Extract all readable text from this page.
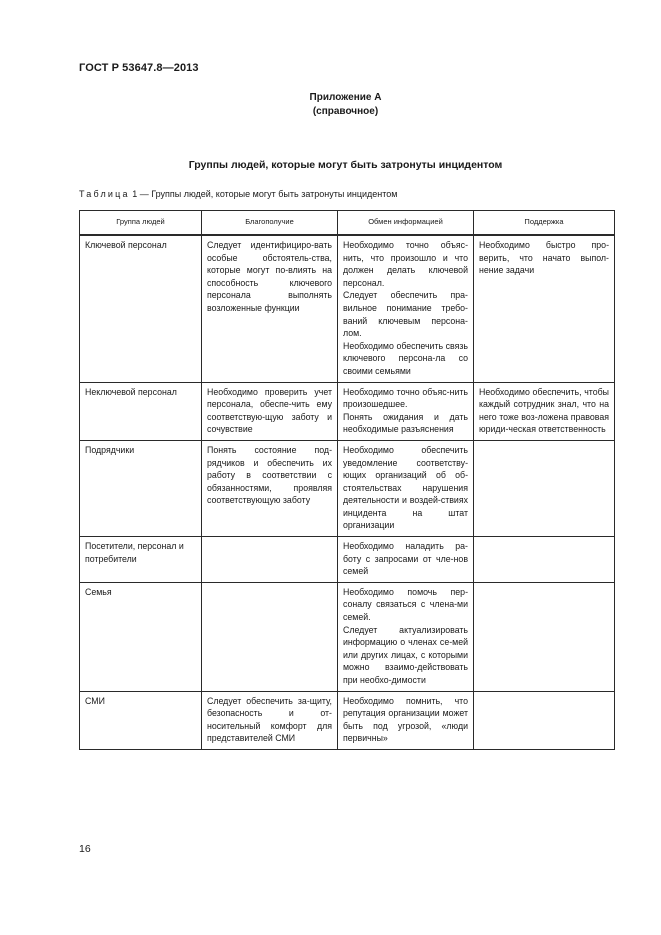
ГОСТ Р 53647.8—2013
Приложение А
(справочное)
Группы людей, которые могут быть затронуты инцидентом
Таблица 1 — Группы людей, которые могут быть затронуты инцидентом
Группа людей	Благополучие	Обмен информацией	Поддержка
Ключевой персонал	Следует идентифициро-вать особые обстоятель-ства, которые могут по-влиять на способность ключевого персонала выполнять возложенные функции	Необходимо точно объяс-нить, что произошло и что должен делать ключевой персонал.
Следует обеспечить пра-вильное понимание требо-ваний ключевым персона-лом.
Необходимо обеспечить связь ключевого персона-ла со своими семьями	Необходимо быстро про-верить, что начато выпол-нение задачи
Неключевой персонал	Необходимо проверить учет персонала, обеспе-чить ему соответствую-щую заботу и сочувствие	Необходимо точно объяс-нить произошедшее.
Понять ожидания и дать необходимые разъяснения	Необходимо обеспечить, чтобы каждый сотрудник знал, что на него тоже воз-ложена правовая юриди-ческая ответственность
Подрядчики	Понять состояние под-рядчиков и обеспечить их работу в соответствии с обязанностями, проявляя соответствующую заботу	Необходимо обеспечить уведомление соответству-ющих организаций об об-стоятельствах нарушения деятельности и воздей-ствиях инцидента на штат организации	

Посетители, персонал и потребители		Необходимо наладить ра-боту с запросами от чле-нов семей	

Семья		Необходимо помочь пер-соналу связаться с члена-ми семей.
Следует актуализировать информацию о членах се-мей или других лицах, с которыми можно взаимо-действовать при необхо-димости	

СМИ	Следует обеспечить за-щиту, безопасность и от-носительный комфорт для представителей СМИ	Необходимо помнить, что репутация организации может быть под угрозой, «люди первичны»	

16
